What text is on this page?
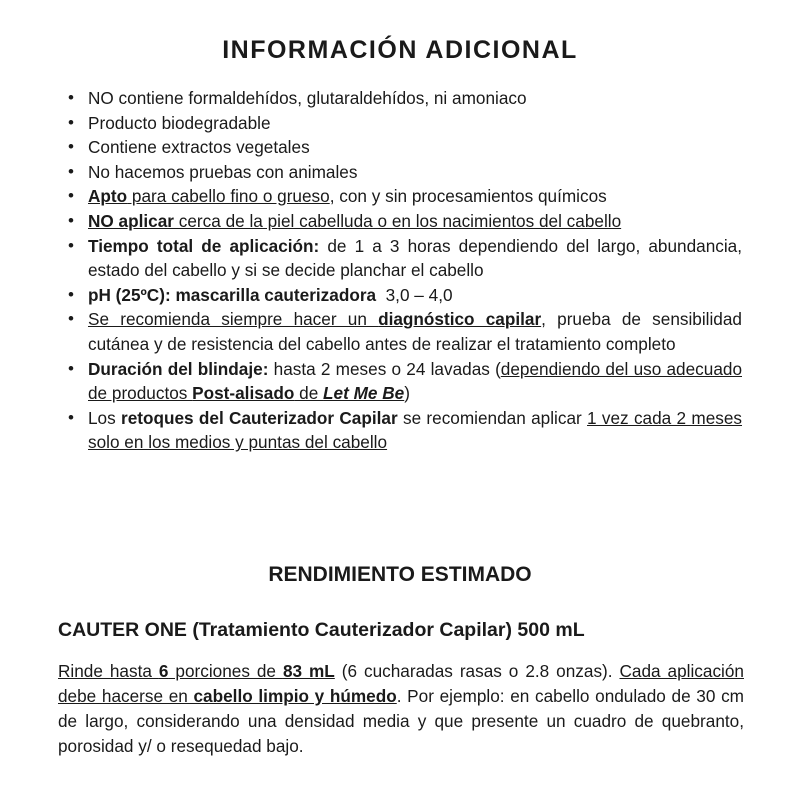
INFORMACIÓN ADICIONAL
• NO contiene formaldehídos, glutaraldehídos, ni amoniaco
• Producto biodegradable
• Contiene extractos vegetales
• No hacemos pruebas con animales
• Apto para cabello fino o grueso, con y sin procesamientos químicos
• NO aplicar cerca de la piel cabelluda o en los nacimientos del cabello
• Tiempo total de aplicación: de 1 a 3 horas dependiendo del largo, abundancia, estado del cabello y si se decide planchar el cabello
• pH (25ºC): mascarilla cauterizadora  3,0 – 4,0
• Se recomienda siempre hacer un diagnóstico capilar, prueba de sensibilidad cutánea y de resistencia del cabello antes de realizar el tratamiento completo
• Duración del blindaje: hasta 2 meses o 24 lavadas (dependiendo del uso adecuado de productos Post-alisado de Let Me Be)
• Los retoques del Cauterizador Capilar se recomiendan aplicar 1 vez cada 2 meses solo en los medios y puntas del cabello
RENDIMIENTO ESTIMADO
CAUTER ONE (Tratamiento Cauterizador Capilar) 500 mL

Rinde hasta 6 porciones de 83 mL (6 cucharadas rasas o 2.8 onzas). Cada aplicación debe hacerse en cabello limpio y húmedo. Por ejemplo: en cabello ondulado de 30 cm de largo, considerando una densidad media y que presente un cuadro de quebranto, porosidad y/ o resequedad bajo.
